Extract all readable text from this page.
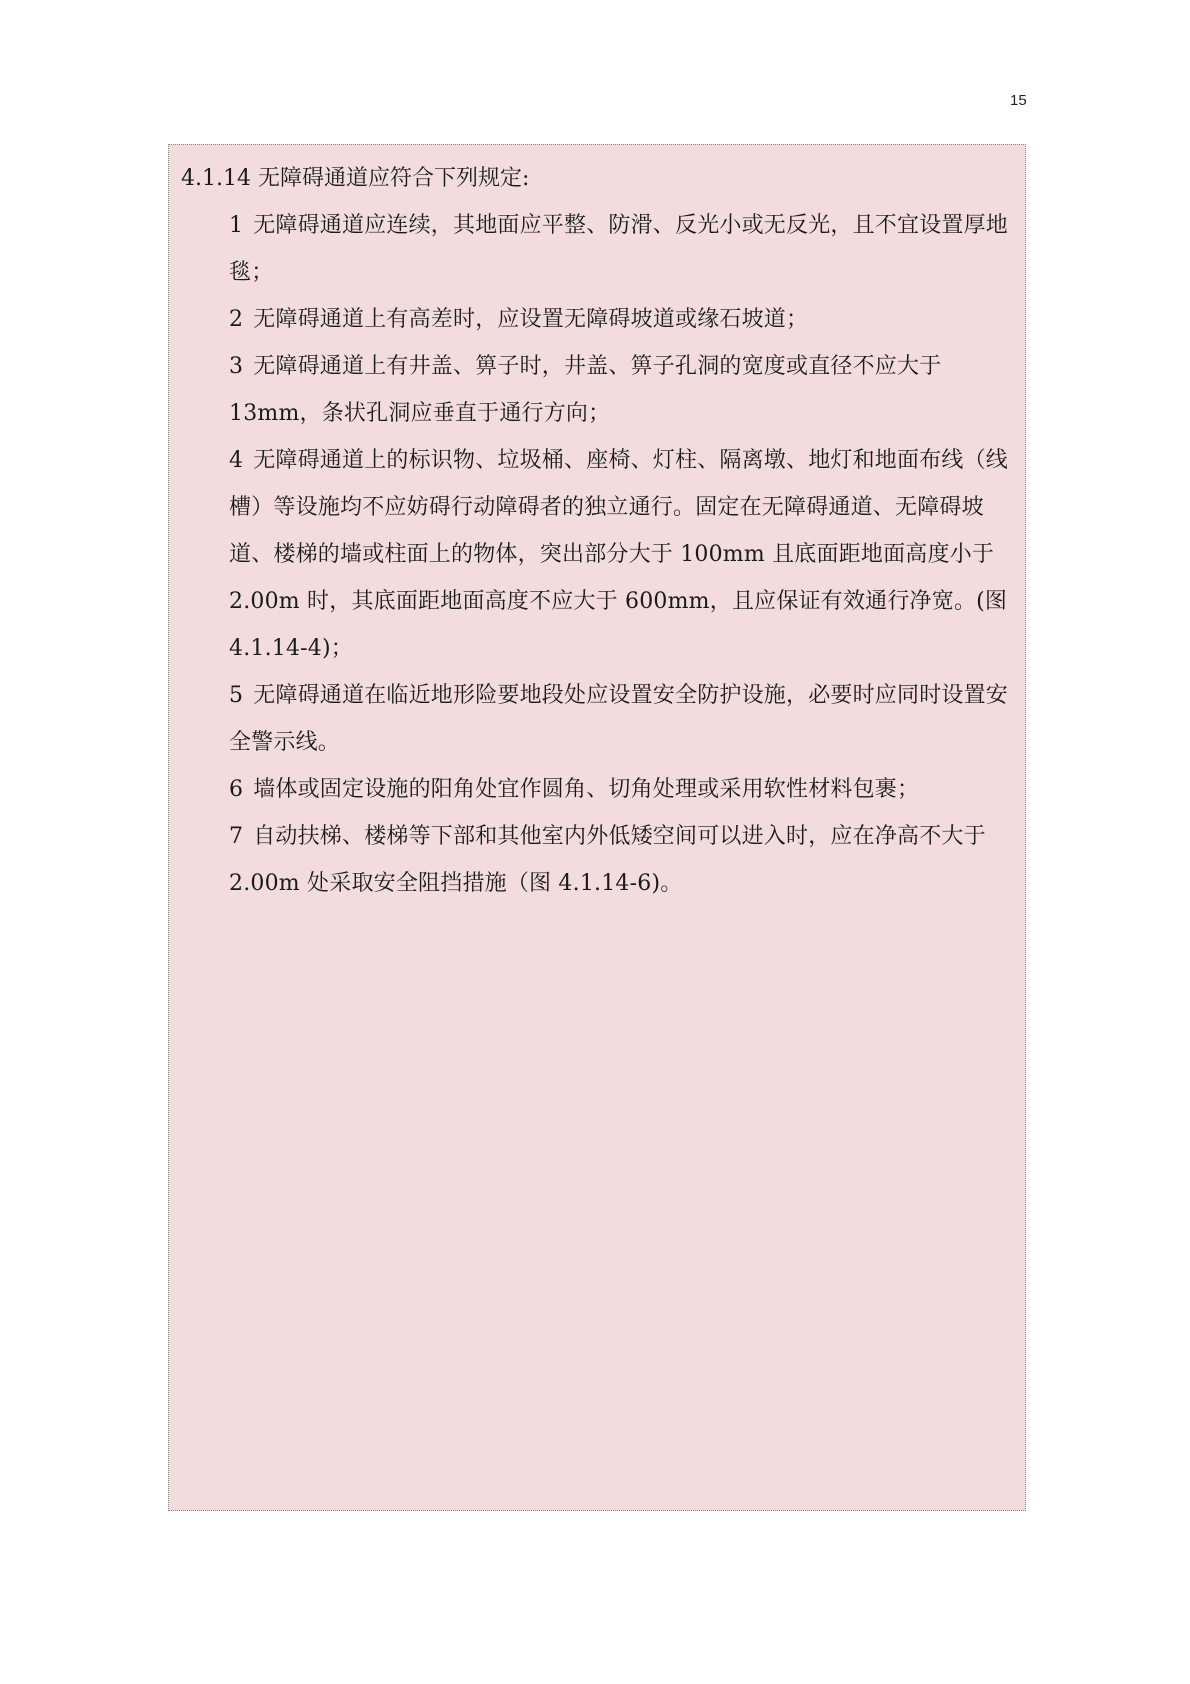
15

4.1.14 无障碍通道应符合下列规定:

1 无障碍通道应连续，其地面应平整、防滑、反光小或无反光，且不宜设置厚地毯；

2 无障碍通道上有高差时，应设置无障碍坡道或缘石坡道；

3 无障碍通道上有井盖、箅子时，井盖、箅子孔洞的宽度或直径不应大于13mm，条状孔洞应垂直于通行方向；

4 无障碍通道上的标识物、垃圾桶、座椅、灯柱、隔离墩、地灯和地面布线（线槽）等设施均不应妨碍行动障碍者的独立通行。固定在无障碍通道、无障碍坡道、楼梯的墙或柱面上的物体，突出部分大于 100mm 且底面距地面高度小于 2.00m 时，其底面距地面高度不应大于 600mm，且应保证有效通行净宽。(图 4.1.14-4)；

5 无障碍通道在临近地形险要地段处应设置安全防护设施，必要时应同时设置安全警示线。

6 墙体或固定设施的阳角处宜作圆角、切角处理或采用软性材料包裹；

7 自动扶梯、楼梯等下部和其他室内外低矮空间可以进入时，应在净高不大于 2.00m 处采取安全阻挡措施（图 4.1.14-6)。
